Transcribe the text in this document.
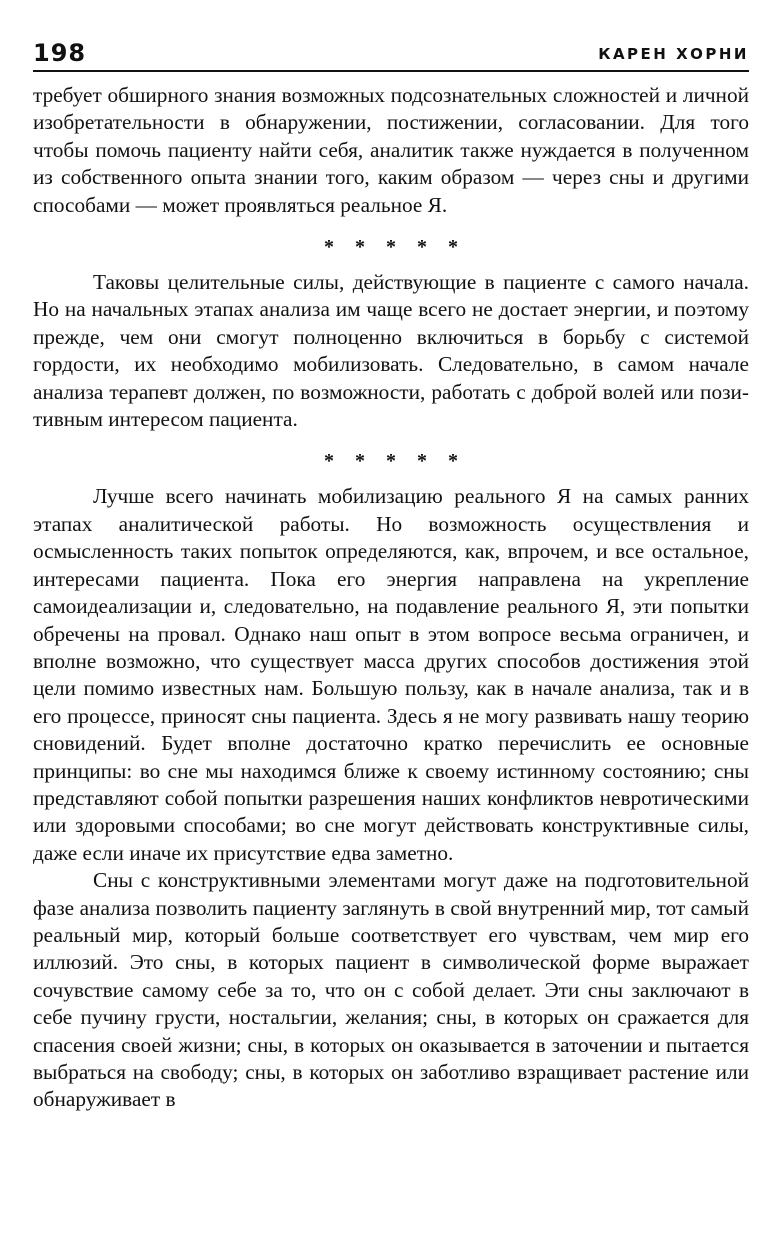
198	КАРЕН ХОРНИ

требует обширного знания возможных подсознательных сложностей и личной изобретательности в обнаружении, постижении, согласовании. Для того чтобы помочь пациенту найти себя, аналитик также нуждается в полученном из собственного опыта знании того, каким образом — через сны и другими способами — может проявляться реальное Я.

* * * * *

Таковы целительные силы, действующие в пациенте с самого начала. Но на начальных этапах анализа им чаще всего не достает энергии, и поэтому прежде, чем они смогут полноценно включиться в борьбу с системой гордости, их необходимо мобилизовать. Следовательно, в самом начале анализа терапевт должен, по возможности, работать с доброй волей или позитивным интересом пациента.

* * * * *

Лучше всего начинать мобилизацию реального Я на самых ранних этапах аналитической работы. Но возможность осуществления и осмысленность таких попыток определяются, как, впрочем, и все остальное, интересами пациента. Пока его энергия направлена на укрепление самоидеализации и, следовательно, на подавление реального Я, эти попытки обречены на провал. Однако наш опыт в этом вопросе весьма ограничен, и вполне возможно, что существует масса других способов достижения этой цели помимо известных нам. Большую пользу, как в начале анализа, так и в его процессе, приносят сны пациента. Здесь я не могу развивать нашу теорию сновидений. Будет вполне достаточно кратко перечислить ее основные принципы: во сне мы находимся ближе к своему истинному состоянию; сны представляют собой попытки разрешения наших конфликтов невротическими или здоровыми способами; во сне могут действовать конструктивные силы, даже если иначе их присутствие едва заметно.

Сны с конструктивными элементами могут даже на подготовительной фазе анализа позволить пациенту заглянуть в свой внутренний мир, тот самый реальный мир, который больше соответствует его чувствам, чем мир его иллюзий. Это сны, в которых пациент в символической форме выражает сочувствие самому себе за то, что он с собой делает. Эти сны заключают в себе пучину грусти, ностальгии, желания; сны, в которых он сражается для спасения своей жизни; сны, в которых он оказывается в заточении и пытается выбраться на свободу; сны, в которых он заботливо взращивает растение или обнаруживает в
